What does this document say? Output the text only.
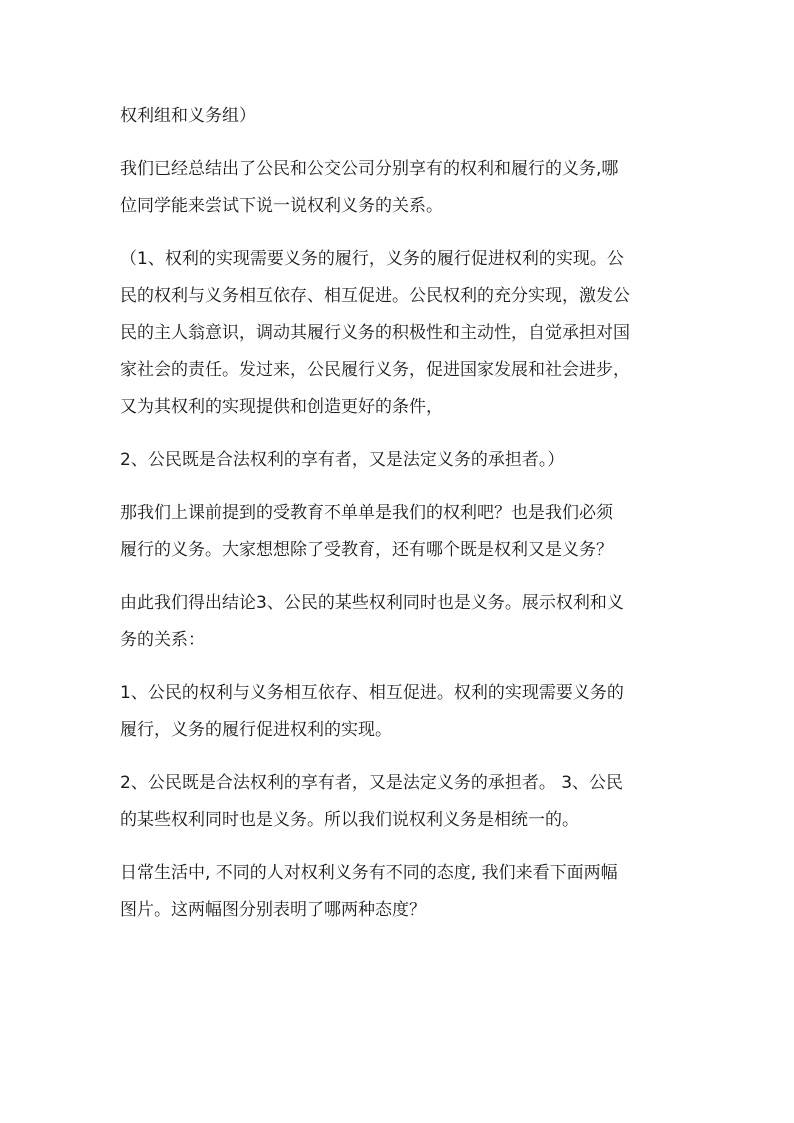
权利组和义务组）

我们已经总结出了公民和公交公司分别享有的权利和履行的义务,哪
位同学能来尝试下说一说权利义务的关系。

（1、权利的实现需要义务的履行，义务的履行促进权利的实现。公
民的权利与义务相互依存、相互促进。公民权利的充分实现，激发公
民的主人翁意识，调动其履行义务的积极性和主动性，自觉承担对国
家社会的责任。发过来，公民履行义务，促进国家发展和社会进步，
又为其权利的实现提供和创造更好的条件，

2、公民既是合法权利的享有者，又是法定义务的承担者。）

那我们上课前提到的受教育不单单是我们的权利吧？也是我们必须
履行的义务。大家想想除了受教育，还有哪个既是权利又是义务？

由此我们得出结论3、公民的某些权利同时也是义务。展示权利和义
务的关系：

1、公民的权利与义务相互依存、相互促进。权利的实现需要义务的
履行，义务的履行促进权利的实现。

2、公民既是合法权利的享有者，又是法定义务的承担者。 3、公民
的某些权利同时也是义务。所以我们说权利义务是相统一的。

日常生活中, 不同的人对权利义务有不同的态度, 我们来看下面两幅
图片。这两幅图分别表明了哪两种态度？
